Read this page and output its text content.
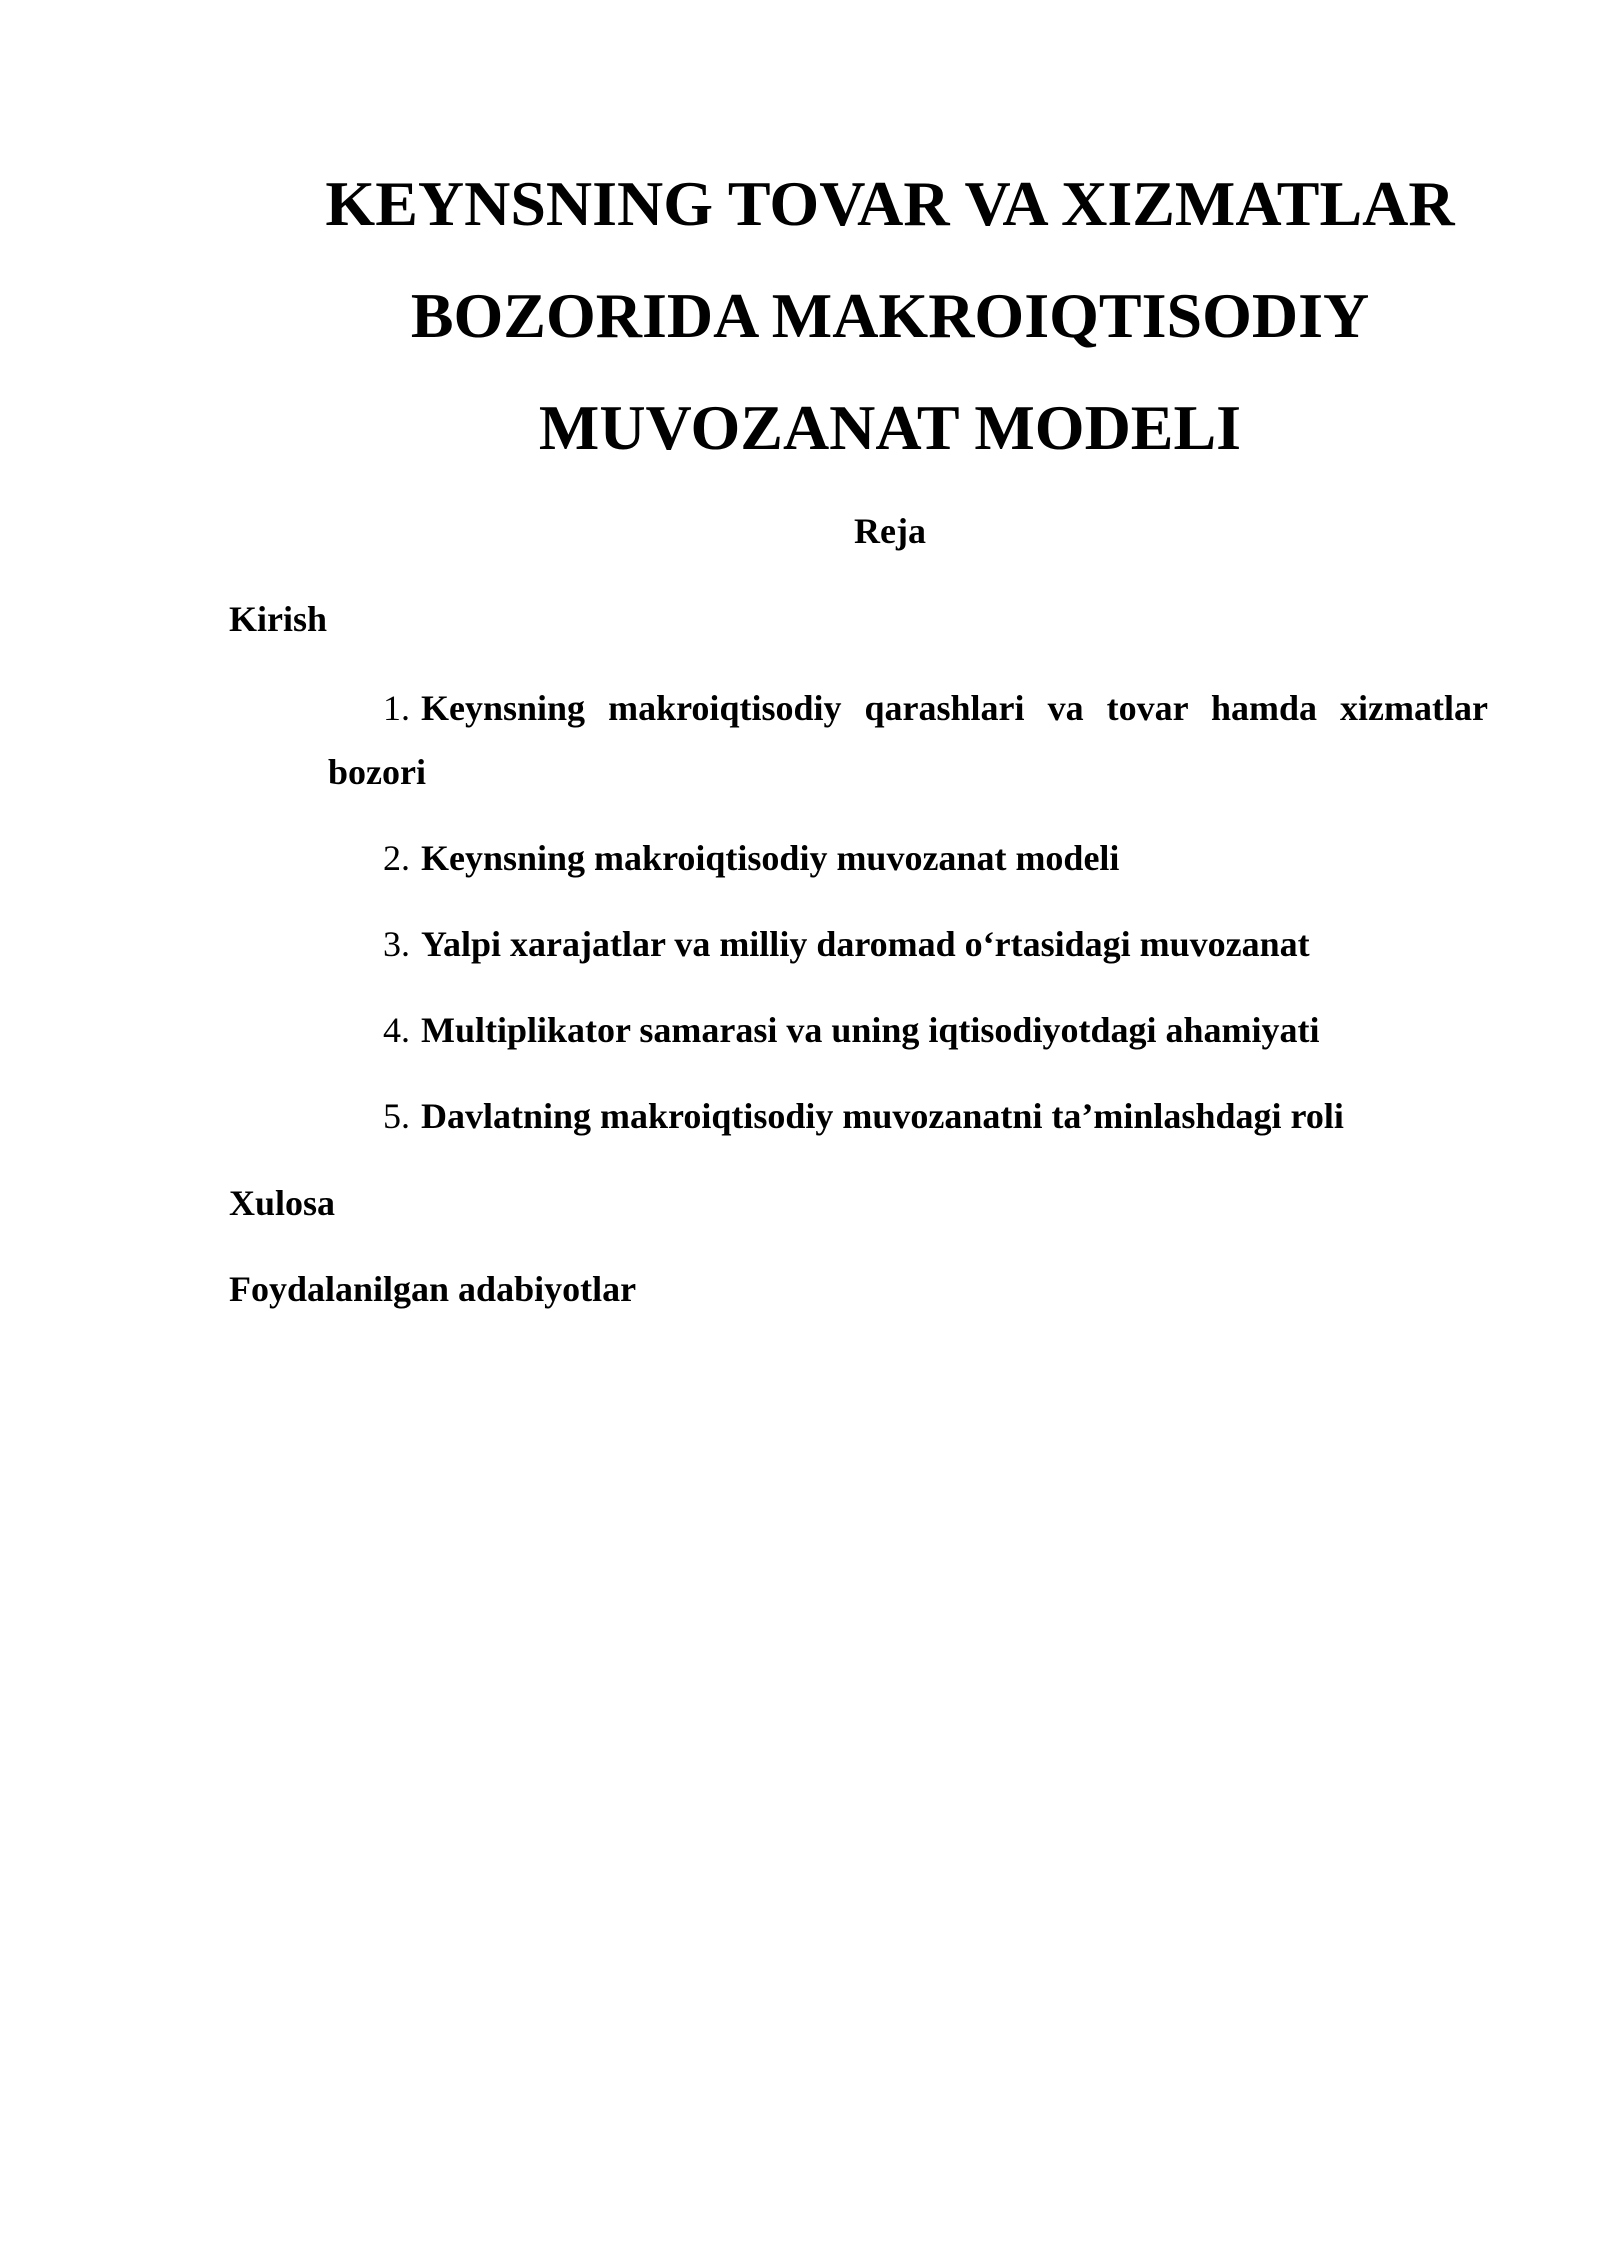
KEYNSNING TOVAR VA XIZMATLAR BOZORIDA MAKROIQTISODIY MUVOZANAT MODELI
Reja
Kirish
1. Keynsning makroiqtisodiy qarashlari va tovar hamda xizmatlar bozori
2. Keynsning makroiqtisodiy muvozanat modeli
3. Yalpi xarajatlar va milliy daromad o‘rtasidagi muvozanat
4. Multiplikator samarasi va uning iqtisodiyotdagi ahamiyati
5. Davlatning makroiqtisodiy muvozanatni ta’minlashdagi roli
Xulosa
Foydalanilgan adabiyotlar
